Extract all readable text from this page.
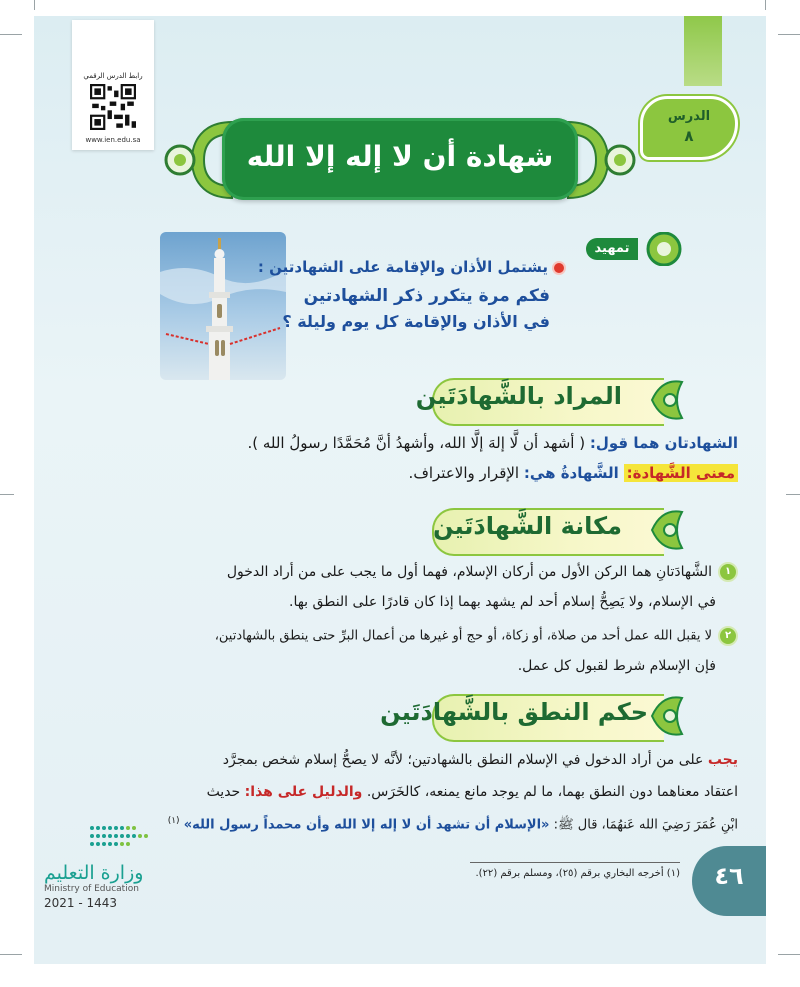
رابط الدرس الرقمي
www.ien.edu.sa
الدرس
٨
شهادة أن لا إله إلا الله
تمهيد
يشتمل الأذان والإقامة على الشهادتين :
فكم مرة يتكرر ذكر الشهادتين
في الأذان والإقامة كل يوم وليلة ؟
المراد بالشَّهادَتَين
الشهادتان هما قول: ( أشهد أن لَّا إلهَ إلَّا الله، وأشهدُ أنَّ مُحَمَّدًا رسولُ الله ).
معنى الشَّهادة: الشَّهادةُ هي: الإقرار والاعتراف.
مكانة الشَّهادَتَين
١الشَّهادَتانِ هما الركن الأول من أركان الإسلام، فهما أول ما يجب على من أراد الدخول
في الإسلام، ولا يَصِحُّ إسلام أحد لم يشهد بهما إذا كان قادرًا على النطق بها.
٢لا يقبل الله عمل أحد من صلاة، أو زكاة، أو حج أو غيرها من أعمال البرِّ حتى ينطق بالشهادتين،
فإن الإسلام شرط لقبول كل عمل.
حكم النطق بالشَّهادَتَين
يجب على من أراد الدخول في الإسلام النطق بالشهادتين؛ لأنَّه لا يصحُّ إسلام شخص بمجرَّد
اعتقاد معناهما دون النطق بهما، ما لم يوجد مانع يمنعه، كالخَرَس. والدليل على هذا: حديث
ابْنِ عُمَرَ رَضِيَ الله عَنهُمَا، قال ﷺ: «الإسلام أن تشهد أن لا إله إلا الله وأن محمداً رسول الله» $^{(١)}$
(١) أخرجه البخاري برقم (٢٥)، ومسلم برقم (٢٢).	٤٦
وزارة التعليم
Ministry of Education
2021 - 1443
